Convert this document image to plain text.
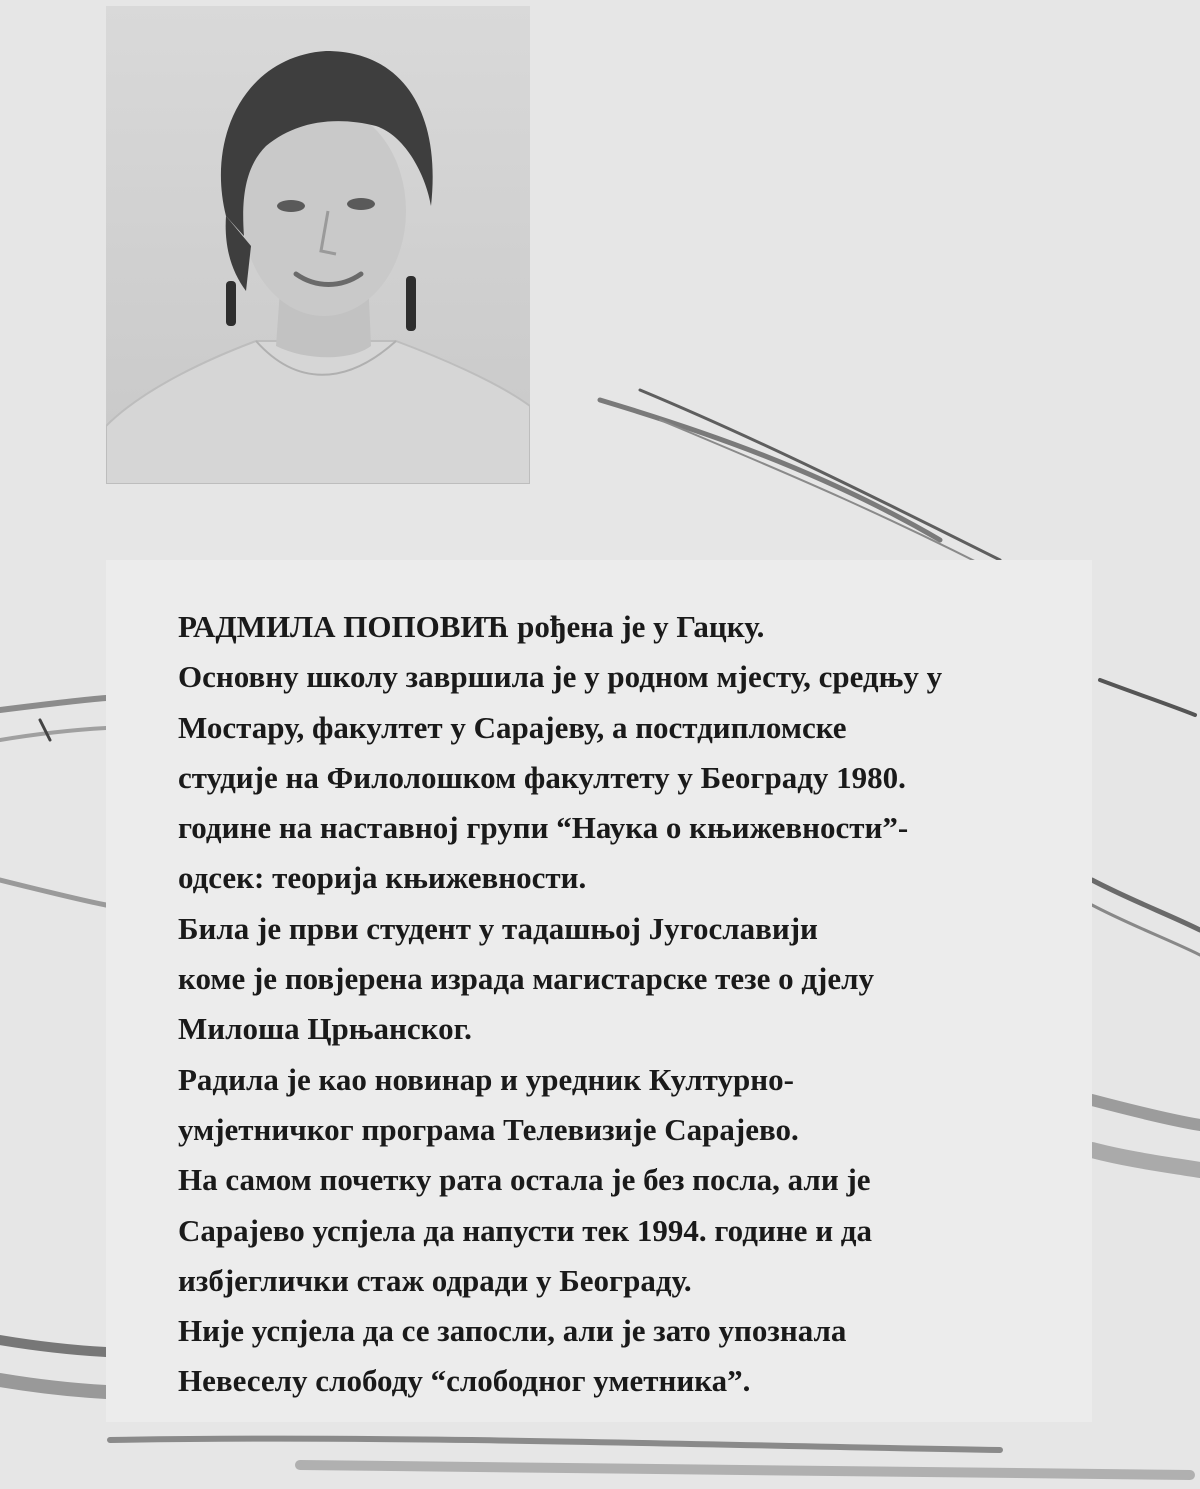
РАДМИЛА ПОПОВИЋ рођена је у Гацку.
Основну школу завршила је у родном мјесту, средњу у
Мостару, факултет у Сарајеву, а постдипломске
студије на Филолошком факултету у Београду 1980.
године на наставној групи “Наука о књижевности”-
одсек: теорија књижевности.

Била је први студент у тадашњој Југославији
коме је повјерена израда магистарске тезе о дјелу
Милоша Црњанског.

Радила је као новинар и уредник Културно-
умјетничког програма Телевизије Сарајево.
На самом почетку рата остала је без посла, али је
Сарајево успјела да напусти тек 1994. године и да
избјеглички стаж одради у Београду.

Није успјела да се запосли, али је зато упознала
Невеселу слободу “слободног уметника”.
